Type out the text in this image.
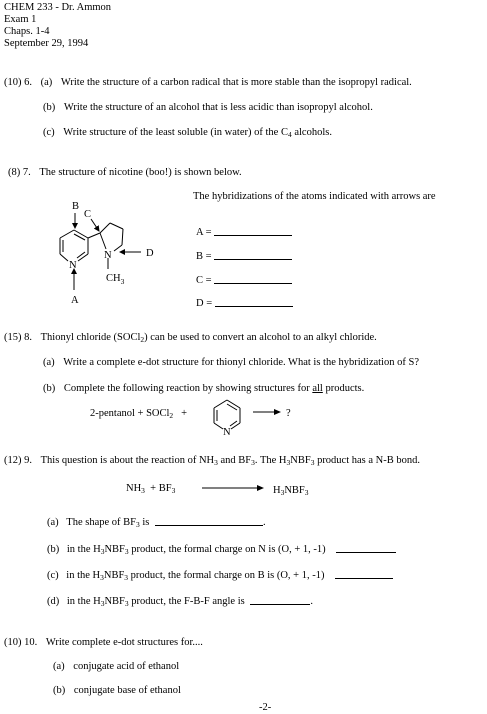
CHEM 233 - Dr. Ammon
Exam 1
Chaps. 1-4
September 29, 1994
(10) 6. (a) Write the structure of a carbon radical that is more stable than the isopropyl radical.
(b) Write the structure of an alcohol that is less acidic than isopropyl alcohol.
(c) Write structure of the least soluble (in water) of the $C_4$ alcohols.
(8) 7. The structure of nicotine (boo!) is shown below.
The hybridizations of the atoms indicated with arrows are
A =
B =
C =
D =
N
N
$CH_3$
B
C
D
A
(15) 8. Thionyl chloride (SOCl$_2$) can be used to convert an alcohol to an alkyl chloride.
(a) Write a complete e-dot structure for thionyl chloride. What is the hybridization of S?
(b) Complete the following reaction by showing structures for all products.
2-pentanol + SOCl$_2$ +
N
→ ?
(12) 9. This question is about the reaction of $NH_3$ and $BF_3$. The $H_3NBF_3$ product has a N-B bond.
$NH_3 + BF_3$	$H_3NBF_3$
(a) The shape of $BF_3$ is	.
(b) in the $H_3NBF_3$ product, the formal charge on N is (O, + 1, -1)
(c) in the $H_3NBF_3$ product, the formal charge on B is (O, + 1, -1)
(d) in the $H_3NBF_3$ product, the F-B-F angle is	.
(10) 10. Write complete e-dot structures for....
(a) conjugate acid of ethanol
(b) conjugate base of ethanol
-2-
